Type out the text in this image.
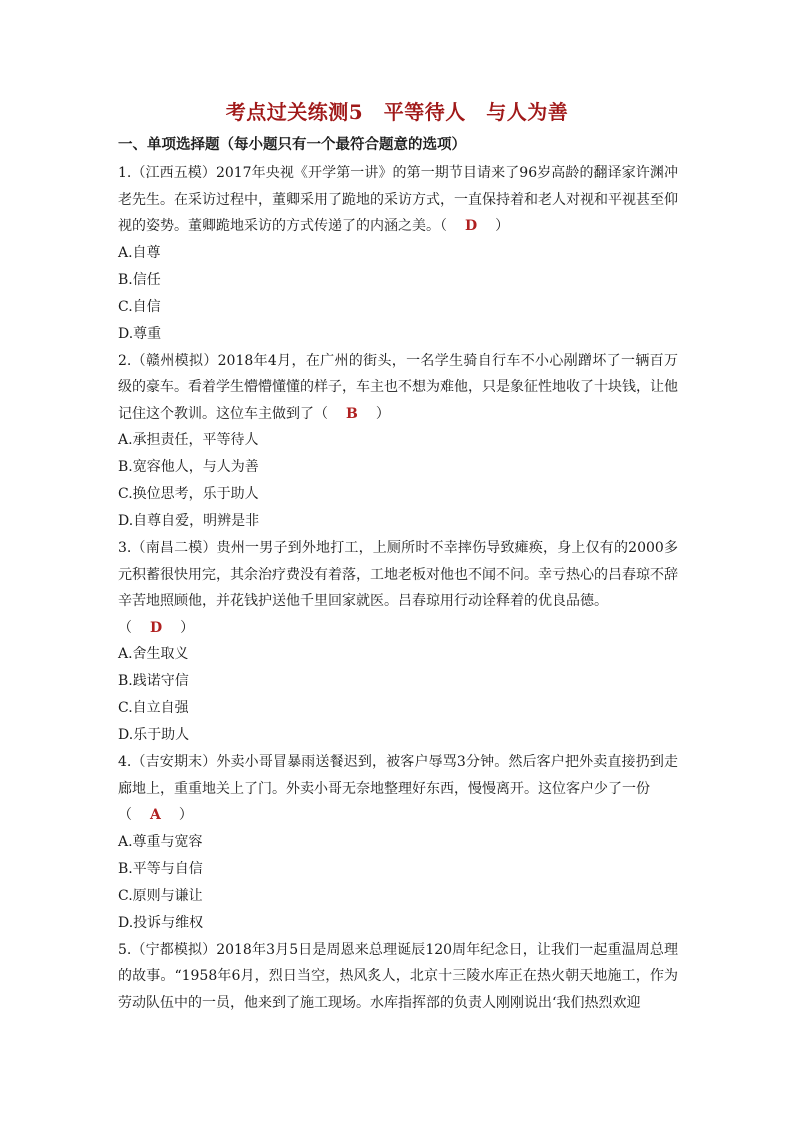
考点过关练测5　平等待人　与人为善
一、单项选择题（每小题只有一个最符合题意的选项）

1.（江西五模）2017年央视《开学第一讲》的第一期节目请来了96岁高龄的翻译家许渊冲老先生。在采访过程中，董卿采用了跪地的采访方式，一直保持着和老人对视和平视甚至仰视的姿势。董卿跪地采访的方式传递了的内涵之美。（ D ）

A.自尊

B.信任

C.自信

D.尊重

2.（赣州模拟）2018年4月，在广州的街头，一名学生骑自行车不小心剐蹭坏了一辆百万级的豪车。看着学生懵懵懂懂的样子，车主也不想为难他，只是象征性地收了十块钱，让他记住这个教训。这位车主做到了（ B ）

A.承担责任，平等待人

B.宽容他人，与人为善

C.换位思考，乐于助人

D.自尊自爱，明辨是非

3.（南昌二模）贵州一男子到外地打工，上厕所时不幸摔伤导致瘫痪，身上仅有的2000多元积蓄很快用完，其余治疗费没有着落，工地老板对他也不闻不问。幸亏热心的吕春琼不辞辛苦地照顾他，并花钱护送他千里回家就医。吕春琼用行动诠释着的优良品德。

（ D ）

A.舍生取义

B.践诺守信

C.自立自强

D.乐于助人

4.（吉安期末）外卖小哥冒暴雨送餐迟到，被客户辱骂3分钟。然后客户把外卖直接扔到走廊地上，重重地关上了门。外卖小哥无奈地整理好东西，慢慢离开。这位客户少了一份

（ A ）

A.尊重与宽容

B.平等与自信

C.原则与谦让

D.投诉与维权

5.（宁都模拟）2018年3月5日是周恩来总理诞辰120周年纪念日，让我们一起重温周总理的故事。“1958年6月，烈日当空，热风炙人，北京十三陵水库正在热火朝天地施工，作为劳动队伍中的一员，他来到了施工现场。水库指挥部的负责人刚刚说出‘我们热烈欢迎
